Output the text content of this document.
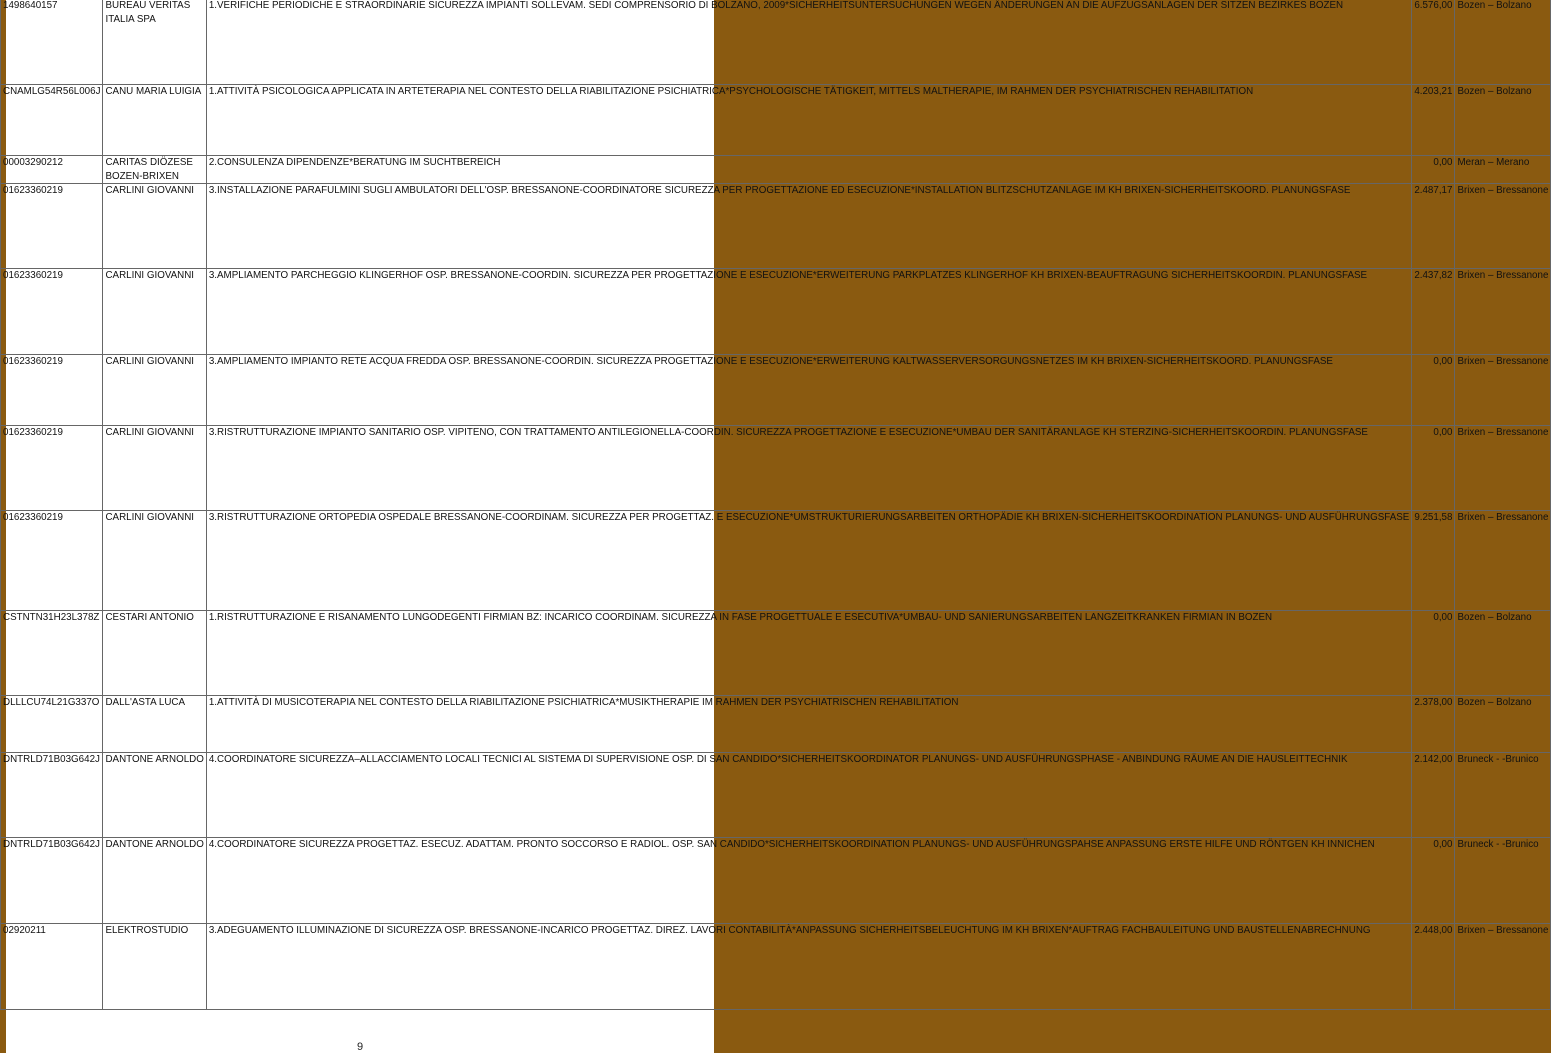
1498640157	BUREAU VERITAS ITALIA SPA	1.VERIFICHE PERIODICHE E STRAORDINARIE SICUREZZA IMPIANTI SOLLEVAM. SEDI COMPRENSORIO DI BOLZANO, 2009*SICHERHEITSUNTERSUCHUNGEN WEGEN ÄNDERUNGEN AN DIE AUFZUGSANLAGEN DER SITZEN BEZIRKES BOZEN	6.576,00	Bozen – Bolzano
CNAMLG54R56L006J	CANU MARIA LUIGIA	1.ATTIVITÀ PSICOLOGICA APPLICATA IN ARTETERAPIA NEL CONTESTO DELLA RIABILITAZIONE PSICHIATRICA*PSYCHOLOGISCHE TÄTIGKEIT, MITTELS MALTHERAPIE, IM RAHMEN DER PSYCHIATRISCHEN REHABILITATION	4.203,21	Bozen – Bolzano
00003290212	CARITAS DIÖZESE BOZEN-BRIXEN	2.CONSULENZA DIPENDENZE*BERATUNG IM SUCHTBEREICH	0,00	Meran – Merano
01623360219	CARLINI GIOVANNI	3.INSTALLAZIONE PARAFULMINI SUGLI AMBULATORI DELL'OSP. BRESSANONE-COORDINATORE SICUREZZA PER PROGETTAZIONE ED ESECUZIONE*INSTALLATION BLITZSCHUTZANLAGE IM KH BRIXEN-SICHERHEITSKOORD. PLANUNGSFASE	2.487,17	Brixen – Bressanone
01623360219	CARLINI GIOVANNI	3.AMPLIAMENTO PARCHEGGIO KLINGERHOF OSP. BRESSANONE-COORDIN. SICUREZZA PER PROGETTAZIONE E ESECUZIONE*ERWEITERUNG PARKPLATZES KLINGERHOF KH BRIXEN-BEAUFTRAGUNG SICHERHEITSKOORDIN. PLANUNGSFASE	2.437,82	Brixen – Bressanone
01623360219	CARLINI GIOVANNI	3.AMPLIAMENTO IMPIANTO RETE ACQUA FREDDA OSP. BRESSANONE-COORDIN. SICUREZZA PROGETTAZIONE E ESECUZIONE*ERWEITERUNG KALTWASSERVERSORGUNGSNETZES IM KH BRIXEN-SICHERHEITSKOORD. PLANUNGSFASE	0,00	Brixen – Bressanone
01623360219	CARLINI GIOVANNI	3.RISTRUTTURAZIONE IMPIANTO SANITARIO OSP. VIPITENO, CON TRATTAMENTO ANTILEGIONELLA-COORDIN. SICUREZZA PROGETTAZIONE E ESECUZIONE*UMBAU DER SANITÄRANLAGE KH STERZING-SICHERHEITSKOORDIN. PLANUNGSFASE	0,00	Brixen – Bressanone
01623360219	CARLINI GIOVANNI	3.RISTRUTTURAZIONE ORTOPEDIA OSPEDALE BRESSANONE-COORDINAM. SICUREZZA PER PROGETTAZ. E ESECUZIONE*UMSTRUKTURIERUNGSARBEITEN ORTHOPÄDIE KH BRIXEN-SICHERHEITSKOORDINATION PLANUNGS- UND AUSFÜHRUNGSFASE	9.251,58	Brixen – Bressanone
CSTNTN31H23L378Z	CESTARI ANTONIO	1.RISTRUTTURAZIONE E RISANAMENTO LUNGODEGENTI FIRMIAN BZ: INCARICO COORDINAM. SICUREZZA IN FASE PROGETTUALE E ESECUTIVA*UMBAU- UND SANIERUNGSARBEITEN LANGZEITKRANKEN FIRMIAN IN BOZEN	0,00	Bozen – Bolzano
DLLLCU74L21G337O	DALL'ASTA LUCA	1.ATTIVITÀ DI MUSICOTERAPIA NEL CONTESTO DELLA RIABILITAZIONE PSICHIATRICA*MUSIKTHERAPIE IM RAHMEN DER PSYCHIATRISCHEN REHABILITATION	2.378,00	Bozen – Bolzano
DNTRLD71B03G642J	DANTONE ARNOLDO	4.COORDINATORE SICUREZZA–ALLACCIAMENTO LOCALI TECNICI AL SISTEMA DI SUPERVISIONE OSP. DI SAN CANDIDO*SICHERHEITSKOORDINATOR PLANUNGS- UND AUSFÜHRUNGSPHASE - ANBINDUNG RÄUME AN DIE HAUSLEITTECHNIK	2.142,00	Bruneck - -Brunico
DNTRLD71B03G642J	DANTONE ARNOLDO	4.COORDINATORE SICUREZZA PROGETTAZ. ESECUZ. ADATTAM. PRONTO SOCCORSO E RADIOL. OSP. SAN CANDIDO*SICHERHEITSKOORDINATION PLANUNGS- UND AUSFÜHRUNGSPAHSE ANPASSUNG ERSTE HILFE UND RÖNTGEN KH INNICHEN	0,00	Bruneck - -Brunico
02920211	ELEKTROSTUDIO	3.ADEGUAMENTO ILLUMINAZIONE DI SICUREZZA OSP. BRESSANONE-INCARICO PROGETTAZ. DIREZ. LAVORI CONTABILITÀ*ANPASSUNG SICHERHEITSBELEUCHTUNG IM KH BRIXEN*AUFTRAG FACHBAULEITUNG UND BAUSTELLENABRECHNUNG	2.448,00	Brixen – Bressanone
9
